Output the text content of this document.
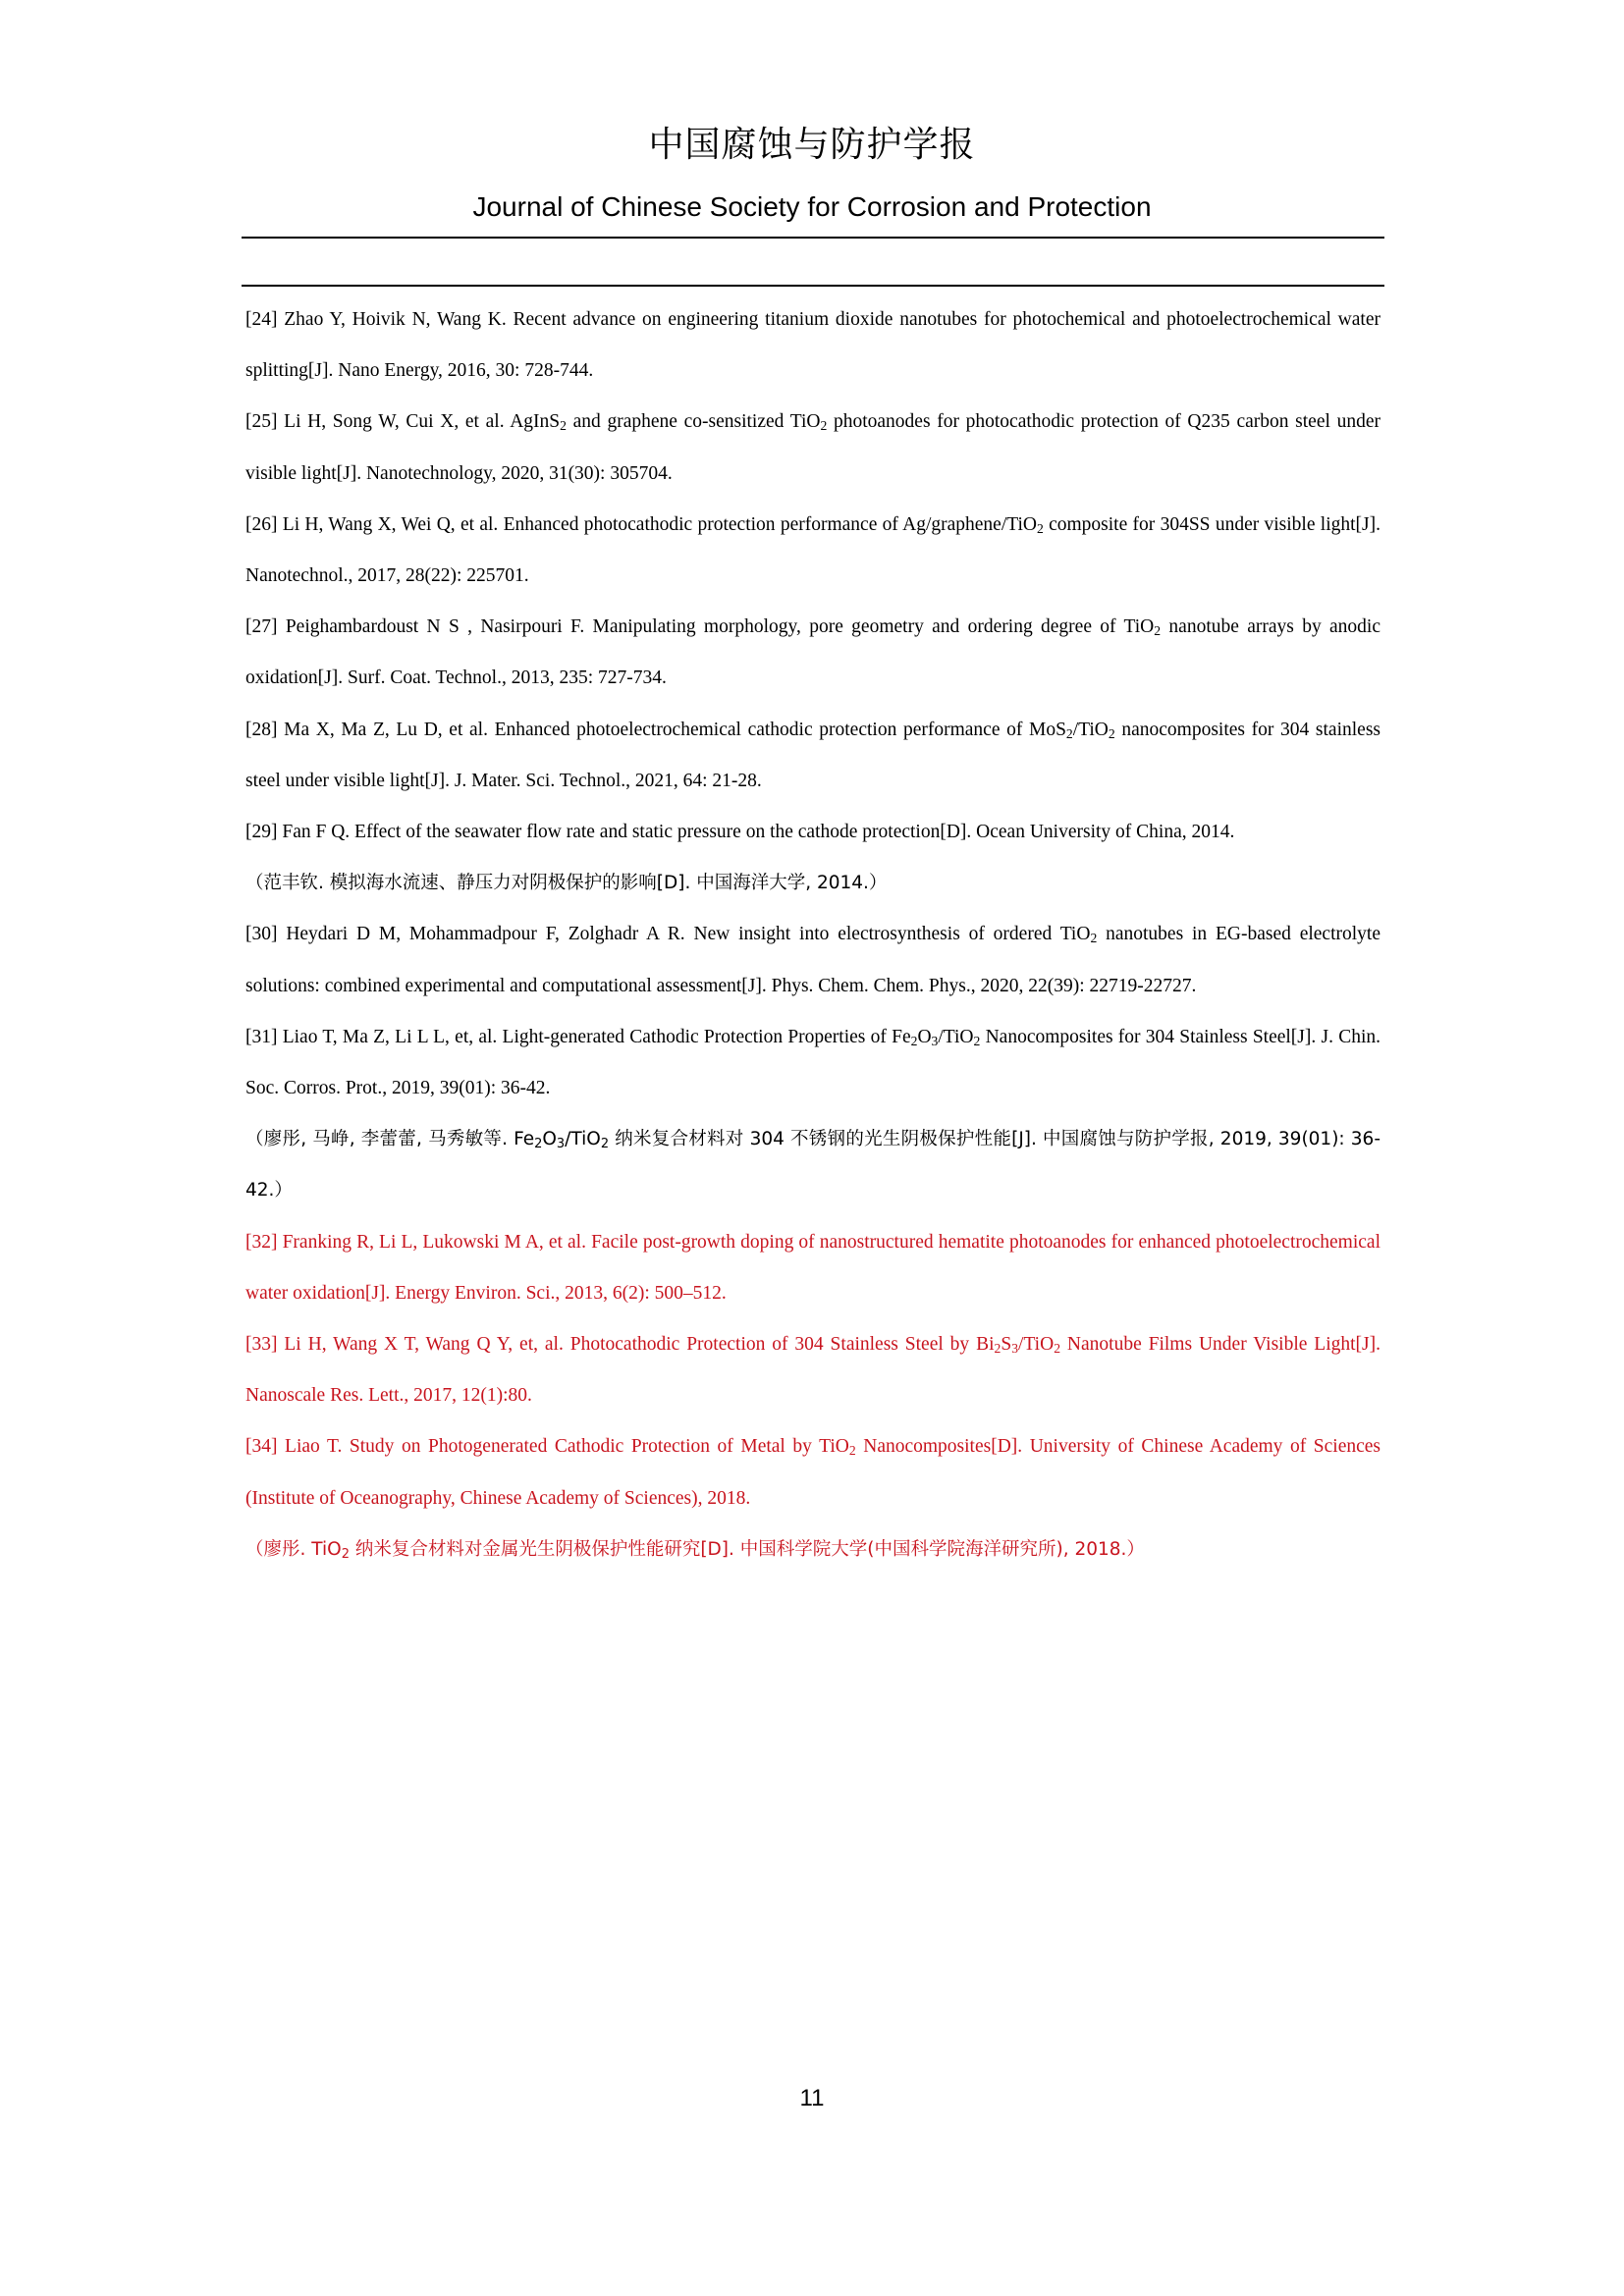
中国腐蚀与防护学报
Journal of Chinese Society for Corrosion and Protection

[24] Zhao Y, Hoivik N, Wang K. Recent advance on engineering titanium dioxide nanotubes for photochemical and photoelectrochemical water splitting[J]. Nano Energy, 2016, 30: 728-744.

[25] Li H, Song W, Cui X, et al. AgInS$_2$ and graphene co-sensitized TiO$_2$ photoanodes for photocathodic protection of Q235 carbon steel under visible light[J]. Nanotechnology, 2020, 31(30): 305704.

[26] Li H, Wang X, Wei Q, et al. Enhanced photocathodic protection performance of Ag/graphene/TiO$_2$ composite for 304SS under visible light[J]. Nanotechnol., 2017, 28(22): 225701.

[27] Peighambardoust N S , Nasirpouri F. Manipulating morphology, pore geometry and ordering degree of TiO$_2$ nanotube arrays by anodic oxidation[J]. Surf. Coat. Technol., 2013, 235: 727-734.

[28] Ma X, Ma Z, Lu D, et al. Enhanced photoelectrochemical cathodic protection performance of MoS$_2$/TiO$_2$ nanocomposites for 304 stainless steel under visible light[J]. J. Mater. Sci. Technol., 2021, 64: 21-28.

[29] Fan F Q. Effect of the seawater flow rate and static pressure on the cathode protection[D]. Ocean University of China, 2014.

（范丰钦. 模拟海水流速、静压力对阴极保护的影响[D]. 中国海洋大学, 2014.）

[30] Heydari D M, Mohammadpour F, Zolghadr A R. New insight into electrosynthesis of ordered TiO$_2$ nanotubes in EG-based electrolyte solutions: combined experimental and computational assessment[J]. Phys. Chem. Chem. Phys., 2020, 22(39): 22719-22727.

[31] Liao T, Ma Z, Li L L, et, al. Light-generated Cathodic Protection Properties of $Fe_2O_3/TiO_2$ Nanocomposites for 304 Stainless Steel[J]. J. Chin. Soc. Corros. Prot., 2019, 39(01): 36-42.

（廖彤, 马峥, 李蕾蕾, 马秀敏等. $Fe_2O_3/TiO_2$ 纳米复合材料对 304 不锈钢的光生阴极保护性能[J]. 中国腐蚀与防护学报, 2019, 39(01): 36-42.）

[32] Franking R, Li L, Lukowski M A, et al. Facile post-growth doping of nanostructured hematite photoanodes for enhanced photoelectrochemical water oxidation[J]. Energy Environ. Sci., 2013, 6(2): 500–512.

[33] Li H, Wang X T, Wang Q Y, et, al. Photocathodic Protection of 304 Stainless Steel by $Bi_2S_3/TiO_2$ Nanotube Films Under Visible Light[J]. Nanoscale Res. Lett., 2017, 12(1):80.

[34] Liao T. Study on Photogenerated Cathodic Protection of Metal by TiO$_2$ Nanocomposites[D]. University of Chinese Academy of Sciences (Institute of Oceanography, Chinese Academy of Sciences), 2018.

（廖彤. TiO$_2$ 纳米复合材料对金属光生阴极保护性能研究[D]. 中国科学院大学(中国科学院海洋研究所), 2018.）

11
